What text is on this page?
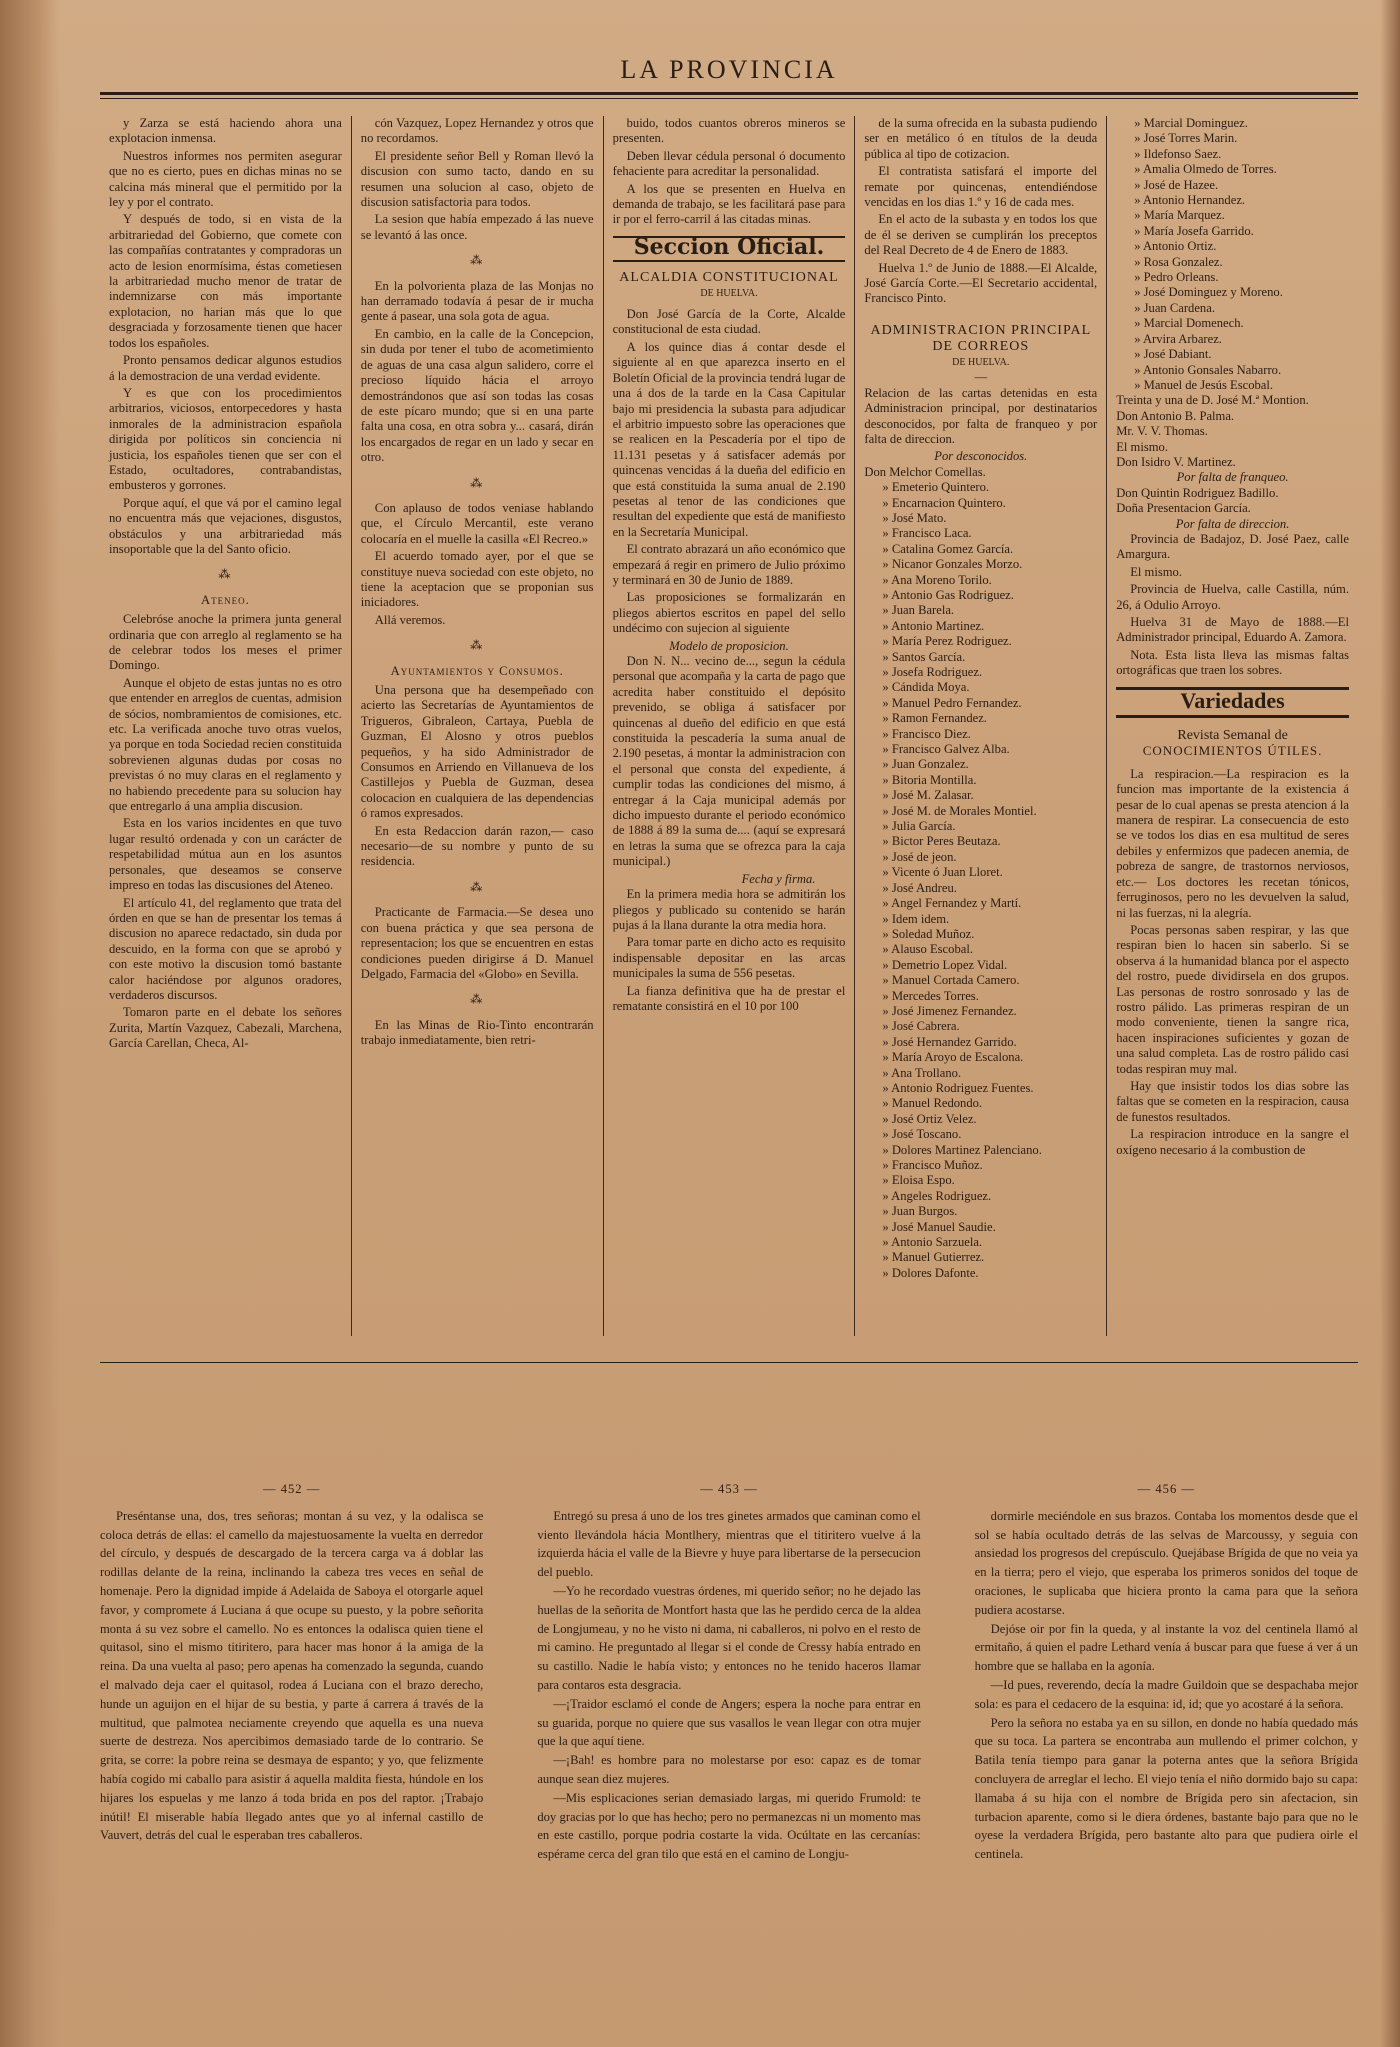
LA PROVINCIA

y Zarza se está haciendo ahora una explotacion inmensa.

Nuestros informes nos permiten asegurar que no es cierto, pues en dichas minas no se calcina más mineral que el permitido por la ley y por el contrato.

Y después de todo, si en vista de la arbitrariedad del Gobierno, que comete con las compañías contratantes y compradoras un acto de lesion enormísima, éstas cometiesen la arbitrariedad mucho menor de tratar de indemnizarse con más importante explotacion, no harian más que lo que desgraciada y forzosamente tienen que hacer todos los españoles.

Pronto pensamos dedicar algunos estudios á la demostracion de una verdad evidente.

Y es que con los procedimientos arbitrarios, viciosos, entorpecedores y hasta inmorales de la administracion española dirigida por políticos sin conciencia ni justicia, los españoles tienen que ser con el Estado, ocultadores, contrabandistas, embusteros y gorrones.

Porque aquí, el que vá por el camino legal no encuentra más que vejaciones, disgustos, obstáculos y una arbitrariedad más insoportable que la del Santo oficio.

⁂
Ateneo.

Celebróse anoche la primera junta general ordinaria que con arreglo al reglamento se ha de celebrar todos los meses el primer Domingo.

Aunque el objeto de estas juntas no es otro que entender en arreglos de cuentas, admision de sócios, nombramientos de comisiones, etc. etc. La verificada anoche tuvo otras vuelos, ya porque en toda Sociedad recien constituida sobrevienen algunas dudas por cosas no previstas ó no muy claras en el reglamento y no habiendo precedente para su solucion hay que entregarlo á una amplia discusion.

Esta en los varios incidentes en que tuvo lugar resultó ordenada y con un carácter de respetabilidad mútua aun en los asuntos personales, que deseamos se conserve impreso en todas las discusiones del Ateneo.

El artículo 41, del reglamento que trata del órden en que se han de presentar los temas á discusion no aparece redactado, sin duda por descuido, en la forma con que se aprobó y con este motivo la discusion tomó bastante calor haciéndose por algunos oradores, verdaderos discursos.

Tomaron parte en el debate los señores Zurita, Martín Vazquez, Cabezali, Marchena, García Carellan, Checa, Al-

cón Vazquez, Lopez Hernandez y otros que no recordamos.

El presidente señor Bell y Roman llevó la discusion con sumo tacto, dando en su resumen una solucion al caso, objeto de discusion satisfactoria para todos.

La sesion que había empezado á las nueve se levantó á las once.

⁂

En la polvorienta plaza de las Monjas no han derramado todavía á pesar de ir mucha gente á pasear, una sola gota de agua.

En cambio, en la calle de la Concepcion, sin duda por tener el tubo de acometimiento de aguas de una casa algun salidero, corre el precioso líquido hácia el arroyo demostrándonos que así son todas las cosas de este pícaro mundo; que si en una parte falta una cosa, en otra sobra y... casará, dirán los encargados de regar en un lado y secar en otro.

⁂

Con aplauso de todos veniase hablando que, el Círculo Mercantil, este verano colocaría en el muelle la casilla «El Recreo.»

El acuerdo tomado ayer, por el que se constituye nueva sociedad con este objeto, no tiene la aceptacion que se proponian sus iniciadores.

Allá veremos.

⁂
Ayuntamientos y Consumos.

Una persona que ha desempeñado con acierto las Secretarías de Ayuntamientos de Trigueros, Gibraleon, Cartaya, Puebla de Guzman, El Alosno y otros pueblos pequeños, y ha sido Administrador de Consumos en Arriendo en Villanueva de los Castillejos y Puebla de Guzman, desea colocacion en cualquiera de las dependencias ó ramos expresados.

En esta Redaccion darán razon,— caso necesario—de su nombre y punto de su residencia.

⁂

Practicante de Farmacia.—Se desea uno con buena práctica y que sea persona de representacion; los que se encuentren en estas condiciones pueden dirigirse á D. Manuel Delgado, Farmacia del «Globo» en Sevilla.

⁂

En las Minas de Rio-Tinto encontrarán trabajo inmediatamente, bien retri-

buido, todos cuantos obreros mineros se presenten.

Deben llevar cédula personal ó documento fehaciente para acreditar la personalidad.

A los que se presenten en Huelva en demanda de trabajo, se les facilitará pase para ir por el ferro-carril á las citadas minas.

Seccion Oficial.
ALCALDIA CONSTITUCIONAL
DE HUELVA.

Don José García de la Corte, Alcalde constitucional de esta ciudad.

A los quince dias á contar desde el siguiente al en que aparezca inserto en el Boletín Oficial de la provincia tendrá lugar de una á dos de la tarde en la Casa Capitular bajo mi presidencia la subasta para adjudicar el arbitrio impuesto sobre las operaciones que se realicen en la Pescadería por el tipo de 11.131 pesetas y á satisfacer además por quincenas vencidas á la dueña del edificio en que está constituida la suma anual de 2.190 pesetas al tenor de las condiciones que resultan del expediente que está de manifiesto en la Secretaría Municipal.

El contrato abrazará un año económico que empezará á regir en primero de Julio próximo y terminará en 30 de Junio de 1889.

Las proposiciones se formalizarán en pliegos abiertos escritos en papel del sello undécimo con sujecion al siguiente

Modelo de proposicion.

Don N. N... vecino de..., segun la cédula personal que acompaña y la carta de pago que acredita haber constituido el depósito prevenido, se obliga á satisfacer por quincenas al dueño del edificio en que está constituida la pescadería la suma anual de 2.190 pesetas, á montar la administracion con el personal que consta del expediente, á cumplir todas las condiciones del mismo, á entregar á la Caja municipal además por dicho impuesto durante el periodo económico de 1888 á 89 la suma de.... (aquí se expresará en letras la suma que se ofrezca para la caja municipal.)

Fecha y firma.

En la primera media hora se admitirán los pliegos y publicado su contenido se harán pujas á la llana durante la otra media hora.

Para tomar parte en dicho acto es requisito indispensable depositar en las arcas municipales la suma de 556 pesetas.

La fianza definitiva que ha de prestar el rematante consistirá en el 10 por 100

de la suma ofrecida en la subasta pudiendo ser en metálico ó en títulos de la deuda pública al tipo de cotizacion.

El contratista satisfará el importe del remate por quincenas, entendiéndose vencidas en los dias 1.º y 16 de cada mes.

En el acto de la subasta y en todos los que de él se deriven se cumplirán los preceptos del Real Decreto de 4 de Enero de 1883.

Huelva 1.º de Junio de 1888.—El Alcalde, José García Corte.—El Secretario accidental, Francisco Pinto.

ADMINISTRACION PRINCIPAL DE CORREOS
DE HUELVA.
—

Relacion de las cartas detenidas en esta Administracion principal, por destinatarios desconocidos, por falta de franqueo y por falta de direccion.

Por desconocidos.
Don Melchor Comellas.
» Emeterio Quintero.
» Encarnacion Quintero.
» José Mato.
» Francisco Laca.
» Catalina Gomez García.
» Nicanor Gonzales Morzo.
» Ana Moreno Torilo.
» Antonio Gas Rodriguez.
» Juan Barela.
» Antonio Martinez.
» María Perez Rodriguez.
» Santos García.
» Josefa Rodriguez.
» Cándida Moya.
» Manuel Pedro Fernandez.
» Ramon Fernandez.
» Francisco Diez.
» Francisco Galvez Alba.
» Juan Gonzalez.
» Bitoria Montilla.
» José M. Zalasar.
» José M. de Morales Montiel.
» Julia García.
» Bictor Peres Beutaza.
» José de jeon.
» Vicente ó Juan Lloret.
» José Andreu.
» Angel Fernandez y Martí.
» Idem idem.
» Soledad Muñoz.
» Alauso Escobal.
» Demetrio Lopez Vidal.
» Manuel Cortada Camero.
» Mercedes Torres.
» José Jimenez Fernandez.
» José Cabrera.
» José Hernandez Garrido.
» María Aroyo de Escalona.
» Ana Trollano.
» Antonio Rodriguez Fuentes.
» Manuel Redondo.
» José Ortiz Velez.
» José Toscano.
» Dolores Martinez Palenciano.
» Francisco Muñoz.
» Eloisa Espo.
» Angeles Rodriguez.
» Juan Burgos.
» José Manuel Saudie.
» Antonio Sarzuela.
» Manuel Gutierrez.
» Dolores Dafonte.
» Marcial Dominguez.
» José Torres Marin.
» Ildefonso Saez.
» Amalia Olmedo de Torres.
» José de Hazee.
» Antonio Hernandez.
» María Marquez.
» María Josefa Garrido.
» Antonio Ortiz.
» Rosa Gonzalez.
» Pedro Orleans.
» José Dominguez y Moreno.
» Juan Cardena.
» Marcial Domenech.
» Arvira Arbarez.
» José Dabiant.
» Antonio Gonsales Nabarro.
» Manuel de Jesús Escobal.
Treinta y una de D. José M.ª Montion.
Don Antonio B. Palma.
Mr. V. V. Thomas.
El mismo.
Don Isidro V. Martinez.
Por falta de franqueo.
Don Quintin Rodriguez Badillo.
Doña Presentacion García.
Por falta de direccion.

Provincia de Badajoz, D. José Paez, calle Amargura.

El mismo.

Provincia de Huelva, calle Castilla, núm. 26, á Odulio Arroyo.

Huelva 31 de Mayo de 1888.—El Administrador principal, Eduardo A. Zamora.

Nota. Esta lista lleva las mismas faltas ortográficas que traen los sobres.

Variedades
Revista Semanal de
CONOCIMIENTOS ÚTILES.

La respiracion.—La respiracion es la funcion mas importante de la existencia á pesar de lo cual apenas se presta atencion á la manera de respirar. La consecuencia de esto se ve todos los dias en esa multitud de seres debiles y enfermizos que padecen anemia, de pobreza de sangre, de trastornos nerviosos, etc.— Los doctores les recetan tónicos, ferruginosos, pero no les devuelven la salud, ni las fuerzas, ni la alegría.

Pocas personas saben respirar, y las que respiran bien lo hacen sin saberlo. Si se observa á la humanidad blanca por el aspecto del rostro, puede dividirsela en dos grupos. Las personas de rostro sonrosado y las de rostro pálido. Las primeras respiran de un modo conveniente, tienen la sangre rica, hacen inspiraciones suficientes y gozan de una salud completa. Las de rostro pálido casi todas respiran muy mal.

Hay que insistir todos los dias sobre las faltas que se cometen en la respiracion, causa de funestos resultados.

La respiracion introduce en la sangre el oxígeno necesario á la combustion de

— 452 —

Preséntanse una, dos, tres señoras; montan á su vez, y la odalisca se coloca detrás de ellas: el camello da majestuosamente la vuelta en derredor del círculo, y después de descargado de la tercera carga va á doblar las rodillas delante de la reina, inclinando la cabeza tres veces en señal de homenaje. Pero la dignidad impide á Adelaida de Saboya el otorgarle aquel favor, y compromete á Luciana á que ocupe su puesto, y la pobre señorita monta á su vez sobre el camello. No es entonces la odalisca quien tiene el quitasol, sino el mismo titiritero, para hacer mas honor á la amiga de la reina. Da una vuelta al paso; pero apenas ha comenzado la segunda, cuando el malvado deja caer el quitasol, rodea á Luciana con el brazo derecho, hunde un aguijon en el hijar de su bestia, y parte á carrera á través de la multitud, que palmotea neciamente creyendo que aquella es una nueva suerte de destreza. Nos apercibimos demasiado tarde de lo contrario. Se grita, se corre: la pobre reina se desmaya de espanto; y yo, que felizmente había cogido mi caballo para asistir á aquella maldita fiesta, húndole en los hijares los espuelas y me lanzo á toda brida en pos del raptor. ¡Trabajo inútil! El miserable había llegado antes que yo al infernal castillo de Vauvert, detrás del cual le esperaban tres caballeros.

— 453 —

Entregó su presa á uno de los tres ginetes armados que caminan como el viento llevándola hácia Montlhery, mientras que el titiritero vuelve á la izquierda hácia el valle de la Bievre y huye para libertarse de la persecucion del pueblo.

—Yo he recordado vuestras órdenes, mi querido señor; no he dejado las huellas de la señorita de Montfort hasta que las he perdido cerca de la aldea de Longjumeau, y no he visto ni dama, ni caballeros, ni polvo en el resto de mi camino. He preguntado al llegar si el conde de Cressy había entrado en su castillo. Nadie le había visto; y entonces no he tenido haceros llamar para contaros esta desgracia.

—¡Traidor esclamó el conde de Angers; espera la noche para entrar en su guarida, porque no quiere que sus vasallos le vean llegar con otra mujer que la que aquí tiene.

—¡Bah! es hombre para no molestarse por eso: capaz es de tomar aunque sean diez mujeres.

—Mis esplicaciones serian demasiado largas, mi querido Frumold: te doy gracias por lo que has hecho; pero no permanezcas ni un momento mas en este castillo, porque podria costarte la vida. Ocúltate en las cercanías: espérame cerca del gran tilo que está en el camino de Longju-

— 456 —

dormirle meciéndole en sus brazos. Contaba los momentos desde que el sol se había ocultado detrás de las selvas de Marcoussy, y seguia con ansiedad los progresos del crepúsculo. Quejábase Brígida de que no veia ya en la tierra; pero el viejo, que esperaba los primeros sonidos del toque de oraciones, le suplicaba que hiciera pronto la cama para que la señora pudiera acostarse.

Dejóse oir por fin la queda, y al instante la voz del centinela llamó al ermitaño, á quien el padre Lethard venía á buscar para que fuese á ver á un hombre que se hallaba en la agonía.

—Id pues, reverendo, decía la madre Guildoin que se despachaba mejor sola: es para el cedacero de la esquina: id, id; que yo acostaré á la señora.

Pero la señora no estaba ya en su sillon, en donde no había quedado más que su toca. La partera se encontraba aun mullendo el primer colchon, y Batila tenía tiempo para ganar la poterna antes que la señora Brígida concluyera de arreglar el lecho. El viejo tenía el niño dormido bajo su capa: llamaba á su hija con el nombre de Brígida pero sin afectacion, sin turbacion aparente, como si le diera órdenes, bastante bajo para que no le oyese la verdadera Brígida, pero bastante alto para que pudiera oirle el centinela.
